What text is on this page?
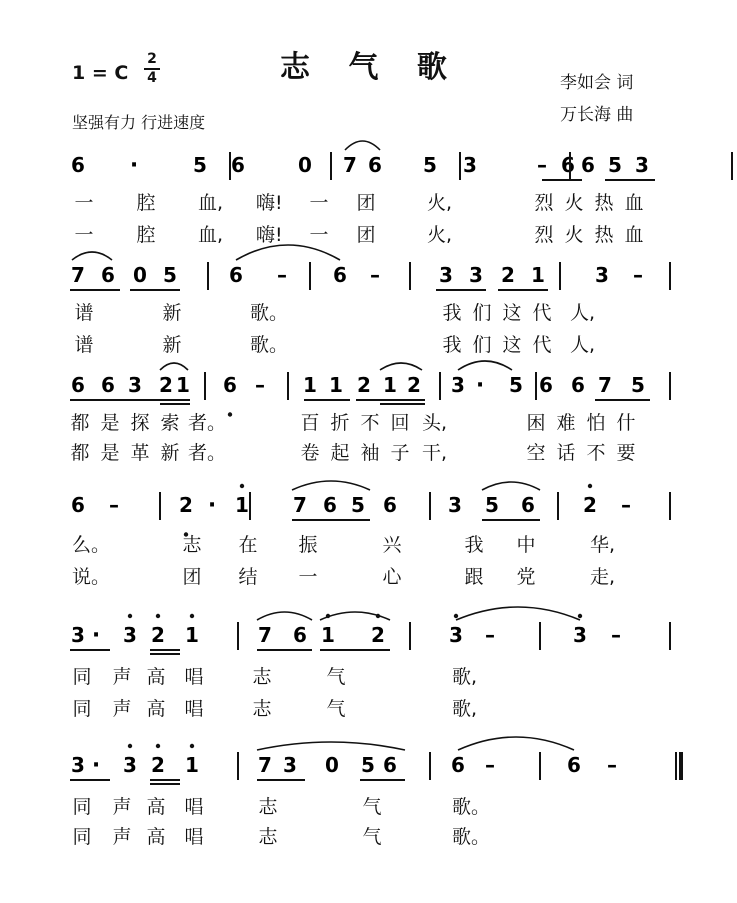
志 气 歌
1 = C
2
4
坚强有力 行进速度
李如会 词
万长海 曲
6 ·	5 6	0 7 6 5 3	– 6 6 5 3
一 腔 血, 嗨! 一 团	火,	烈 火 热 血
一 腔 血, 嗨! 一 团	火,	烈 火 热 血
7 6 0 5	6 – 6 –	3 3 2 1	3 –
谱	新	歌。	我 们 这 代 人,
谱	新	歌。	我 们 这 代 人,
6 6 3 2 1 6 – 1 1 2 1 2 3 · 5 6 6 7 5
都 是 探 索 者。	百 折 不 回 头,	困 难 怕 什
都 是 革 新 者。	卷 起 袖 子 干,	空 话 不 要
6 –	2 · 1 7 6 5 6	3 5 6 2 –
么。	志 在 振	兴	我 中	华,
说。	团 结 一	心	跟 党	走,
3 · 3 2 1	7 6 1 2	3 –	3 –
同 声 高 唱	志	气	歌,
同 声 高 唱	志	气	歌,
3 · 3 2 1	7 3 0 5 6	6 –	6 –
同 声 高 唱	志	气	歌。
同 声 高 唱	志	气	歌。
